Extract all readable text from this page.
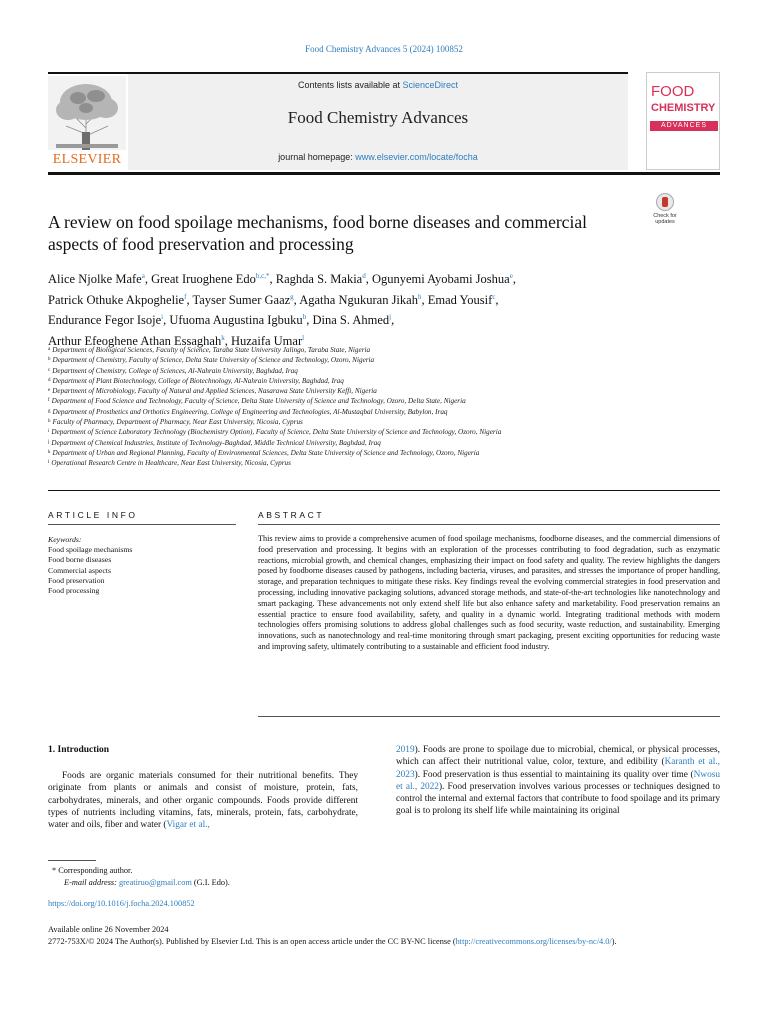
Food Chemistry Advances 5 (2024) 100852
Contents lists available at ScienceDirect
Food Chemistry Advances
journal homepage: www.elsevier.com/locate/focha
ELSEVIER
FOOD
CHEMISTRY
ADVANCES
Check for updates
A review on food spoilage mechanisms, food borne diseases and commercial aspects of food preservation and processing
Alice Njolke Mafe$^a$, Great Iruoghene Edo$^{b,c,*}$, Raghda S. Makia$^d$, Ogunyemi Ayobami Joshua$^e$,
Patrick Othuke Akpoghelie$^f$, Tayser Sumer Gaaz$^g$, Agatha Ngukuran Jikah$^h$, Emad Yousif$^c$,
Endurance Fegor Isoje$^i$, Ufuoma Augustina Igbuku$^b$, Dina S. Ahmed$^j$,
Arthur Efeoghene Athan Essaghah$^k$, Huzaifa Umar$^l$
$^a$ Department of Biological Sciences, Faculty of Science, Taraba State University Jalingo, Taraba State, Nigeria
$^b$ Department of Chemistry, Faculty of Science, Delta State University of Science and Technology, Ozoro, Nigeria
$^c$ Department of Chemistry, College of Sciences, Al-Nahrain University, Baghdad, Iraq
$^d$ Department of Plant Biotechnology, College of Biotechnology, Al-Nahrain University, Baghdad, Iraq
$^e$ Department of Microbiology, Faculty of Natural and Applied Sciences, Nasarawa State University Keffi, Nigeria
$^f$ Department of Food Science and Technology, Faculty of Science, Delta State University of Science and Technology, Ozoro, Delta State, Nigeria
$^g$ Department of Prosthetics and Orthotics Engineering, College of Engineering and Technologies, Al-Mustaqbal University, Babylon, Iraq
$^h$ Faculty of Pharmacy, Department of Pharmacy, Near East University, Nicosia, Cyprus
$^i$ Department of Science Laboratory Technology (Biochemistry Option), Faculty of Science, Delta State University of Science and Technology, Ozoro, Nigeria
$^j$ Department of Chemical Industries, Institute of Technology-Baghdad, Middle Technical University, Baghdad, Iraq
$^k$ Department of Urban and Regional Planning, Faculty of Environmental Sciences, Delta State University of Science and Technology, Ozoro, Nigeria
$^l$ Operational Research Centre in Healthcare, Near East University, Nicosia, Cyprus
ARTICLE INFO	ABSTRACT
Keywords:
Food spoilage mechanisms
Food borne diseases
Commercial aspects
Food preservation
Food processing
This review aims to provide a comprehensive acumen of food spoilage mechanisms, foodborne diseases, and the commercial dimensions of food preservation and processing. It begins with an exploration of the processes contributing to food degradation, such as enzymatic reactions, microbial growth, and chemical changes, emphasizing their impact on food safety and quality. The review highlights the dangers posed by foodborne diseases caused by pathogens, including bacteria, viruses, and parasites, and stresses the importance of proper handling, storage, and preparation techniques to mitigate these risks. Key findings reveal the evolving commercial strategies in food preservation and processing, including innovative packaging solutions, advanced storage methods, and state-of-the-art technologies like nanotechnology and smart packaging. These advancements not only extend shelf life but also enhance safety and marketability. Food preservation remains an essential practice to ensure food availability, safety, and quality in a dynamic world. Integrating traditional methods with modern technologies offers promising solutions to address global challenges such as food security, waste reduction, and sustainability. Emerging innovations, such as nanotechnology and real-time monitoring through smart packaging, present exciting opportunities for reducing waste and improving safety, ultimately contributing to a sustainable and efficient food industry.
1. Introduction
Foods are organic materials consumed for their nutritional benefits. They originate from plants or animals and consist of moisture, protein, fats, carbohydrates, minerals, and other organic compounds. Foods provide different types of nutrients including vitamins, fats, minerals, protein, fats, carbohydrate, water and oils, fiber and water (Vigar et al.,
2019). Foods are prone to spoilage due to microbial, chemical, or physical processes, which can affect their nutritional value, color, texture, and edibility (Karanth et al., 2023). Food preservation is thus essential to maintaining its quality over time (Nwosu et al., 2022). Food preservation involves various processes or techniques designed to control the internal and external factors that contribute to food spoilage and its primary goal is to prolong its shelf life while maintaining its original
* Corresponding author.
E-mail address: greatiruo@gmail.com (G.I. Edo).
https://doi.org/10.1016/j.focha.2024.100852
Available online 26 November 2024
2772-753X/© 2024 The Author(s). Published by Elsevier Ltd. This is an open access article under the CC BY-NC license (http://creativecommons.org/licenses/by-nc/4.0/).
